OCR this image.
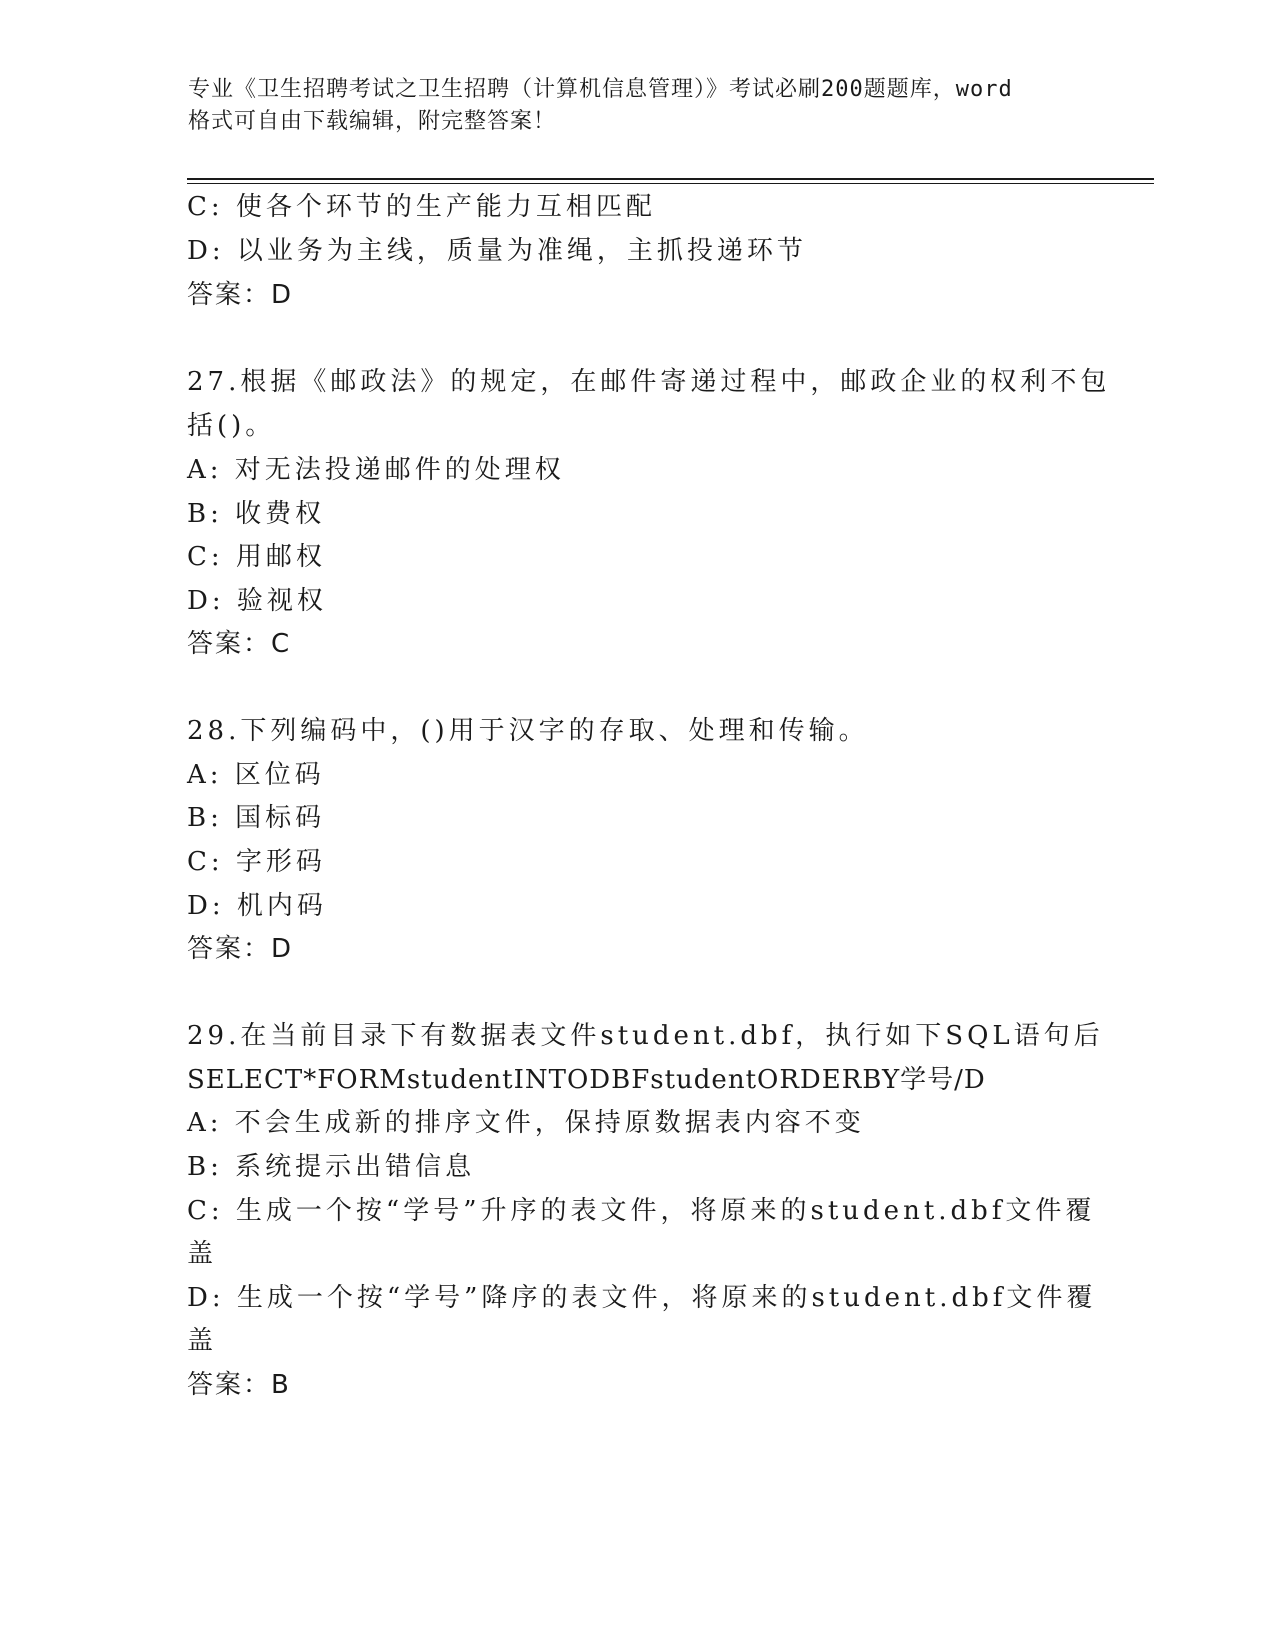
专业《卫生招聘考试之卫生招聘（计算机信息管理）》考试必刷200题题库，word
格式可自由下载编辑，附完整答案！
C: 使各个环节的生产能力互相匹配
D: 以业务为主线，质量为准绳，主抓投递环节
答案：D
27.根据《邮政法》的规定，在邮件寄递过程中，邮政企业的权利不包
括()。
A: 对无法投递邮件的处理权
B: 收费权
C: 用邮权
D: 验视权
答案：C
28.下列编码中，()用于汉字的存取、处理和传输。
A: 区位码
B: 国标码
C: 字形码
D: 机内码
答案：D
29.在当前目录下有数据表文件student.dbf，执行如下SQL语句后
SELECT*FORMstudentINTODBFstudentORDERBY学号/D
A: 不会生成新的排序文件，保持原数据表内容不变
B: 系统提示出错信息
C: 生成一个按“学号”升序的表文件，将原来的student.dbf文件覆
盖
D: 生成一个按“学号”降序的表文件，将原来的student.dbf文件覆
盖
答案：B
